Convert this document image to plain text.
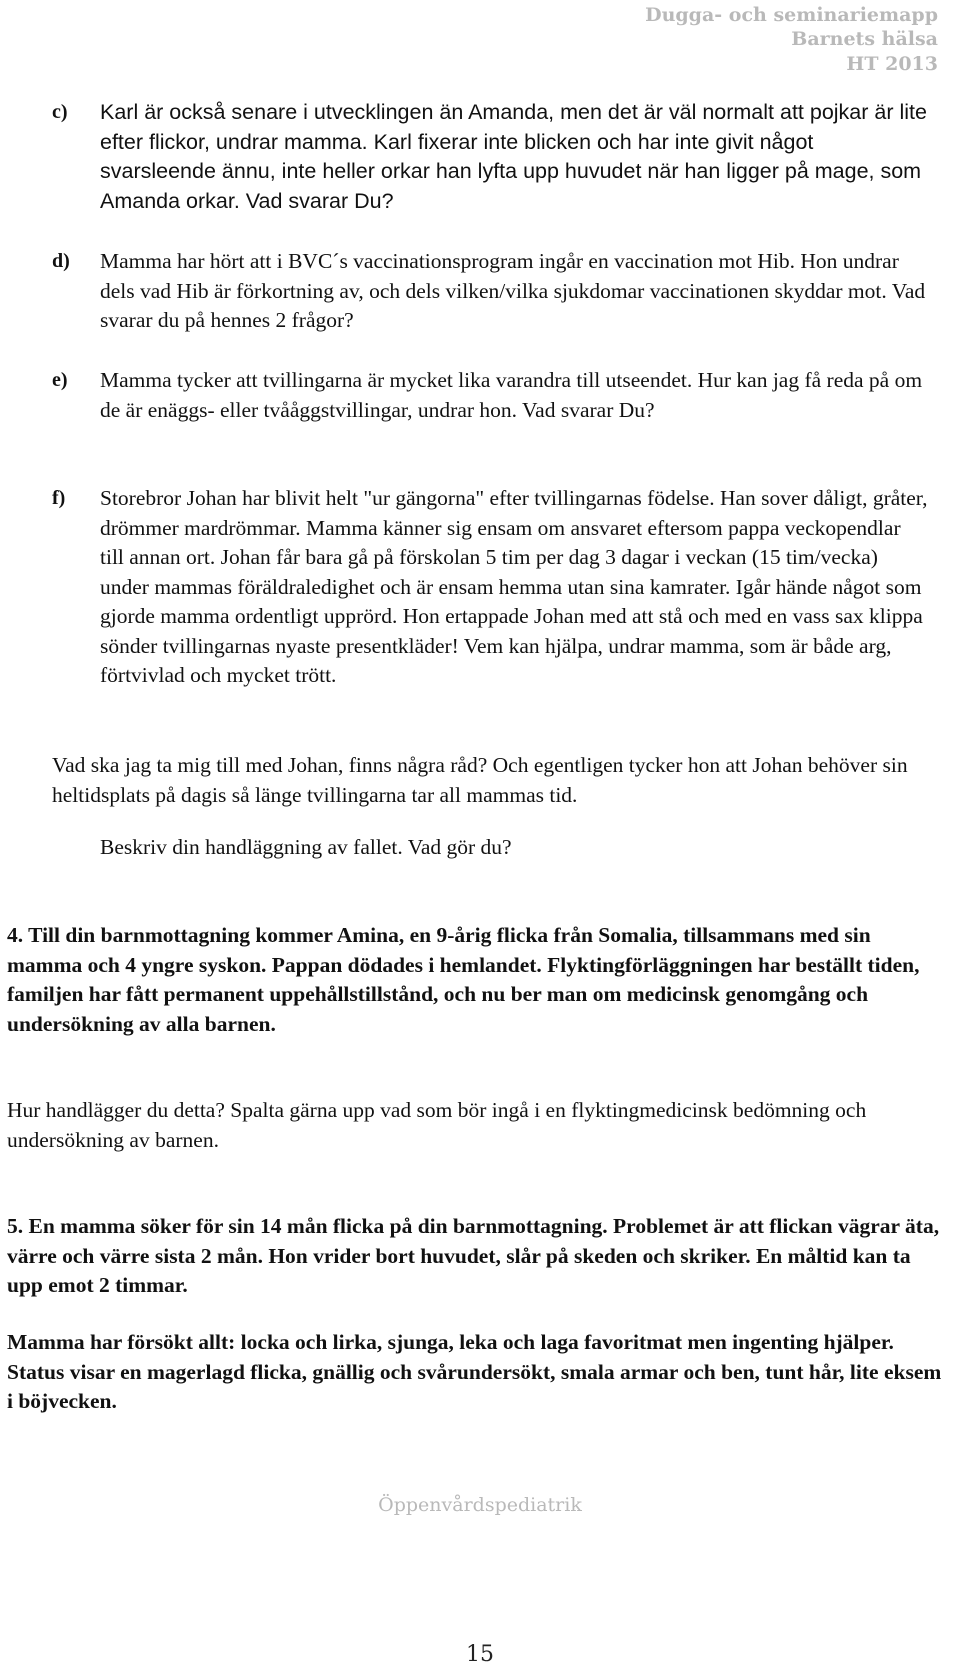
Dugga- och seminariemapp
Barnets hälsa
HT 2013
c) Karl är också senare i utvecklingen än Amanda, men det är väl normalt att pojkar är lite efter flickor, undrar mamma. Karl fixerar inte blicken och har inte givit något svarsleende ännu, inte heller orkar han lyfta upp huvudet när han ligger på mage, som Amanda orkar. Vad svarar Du?

d) Mamma har hört att i BVC´s vaccinationsprogram ingår en vaccination mot Hib. Hon undrar dels vad Hib är förkortning av, och dels vilken/vilka sjukdomar vaccinationen skyddar mot. Vad svarar du på hennes 2 frågor?

e) Mamma tycker att tvillingarna är mycket lika varandra till utseendet. Hur kan jag få reda på om de är enäggs- eller tvååggstvillingar, undrar hon. Vad svarar Du?

f) Storebror Johan har blivit helt "ur gängorna" efter tvillingarnas födelse. Han sover dåligt, gråter, drömmer mardrömmar. Mamma känner sig ensam om ansvaret eftersom pappa veckopendlar till annan ort. Johan får bara gå på förskolan 5 tim per dag 3 dagar i veckan (15 tim/vecka) under mammas föräldraledighet och är ensam hemma utan sina kamrater. Igår hände något som gjorde mamma ordentligt upprörd. Hon ertappade Johan med att stå och med en vass sax klippa sönder tvillingarnas nyaste presentkläder! Vem kan hjälpa, undrar mamma, som är både arg, förtvivlad och mycket trött.

Vad ska jag ta mig till med Johan, finns några råd? Och egentligen tycker hon att Johan behöver sin heltidsplats på dagis så länge tvillingarna tar all mammas tid.

Beskriv din handläggning av fallet. Vad gör du?

4. Till din barnmottagning kommer Amina, en 9-årig flicka från Somalia, tillsammans med sin mamma och 4 yngre syskon. Pappan dödades i hemlandet. Flyktingförläggningen har beställt tiden, familjen har fått permanent uppehållstillstånd, och nu ber man om medicinsk genomgång och undersökning av alla barnen.

Hur handlägger du detta? Spalta gärna upp vad som bör ingå i en flyktingmedicinsk bedömning och undersökning av barnen.

5. En mamma söker för sin 14 mån flicka på din barnmottagning. Problemet är att flickan vägrar äta, värre och värre sista 2 mån. Hon vrider bort huvudet, slår på skeden och skriker. En måltid kan ta upp emot 2 timmar.

Mamma har försökt allt: locka och lirka, sjunga, leka och laga favoritmat men ingenting hjälper. Status visar en magerlagd flicka, gnällig och svårundersökt, smala armar och ben, tunt hår, lite eksem i böjvecken.

Öppenvårdspediatrik
15
